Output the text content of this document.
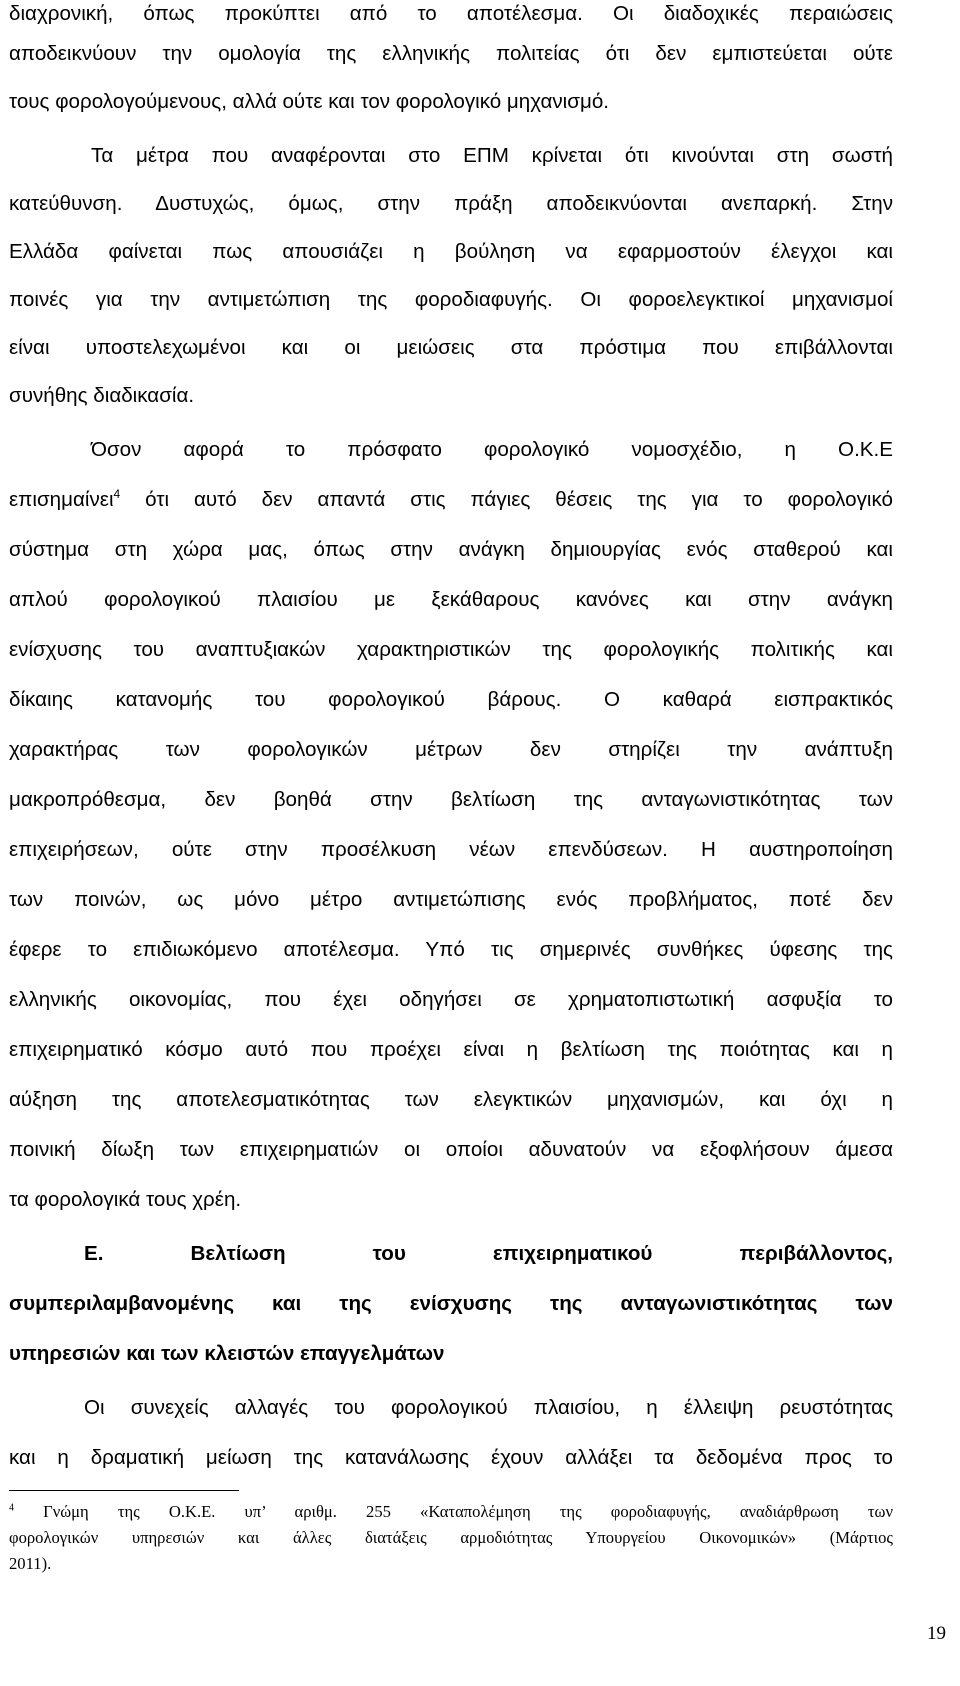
διαχρονική, όπως προκύπτει από το αποτέλεσμα. Οι διαδοχικές περαιώσεις
αποδεικνύουν την ομολογία της ελληνικής πολιτείας ότι δεν εμπιστεύεται ούτε
τους φορολογούμενους, αλλά ούτε και τον φορολογικό μηχανισμό.
Τα μέτρα που αναφέρονται στο ΕΠΜ κρίνεται ότι κινούνται στη σωστή
κατεύθυνση. Δυστυχώς, όμως, στην πράξη αποδεικνύονται ανεπαρκή. Στην
Ελλάδα φαίνεται πως απουσιάζει η βούληση να εφαρμοστούν έλεγχοι και
ποινές για την αντιμετώπιση της φοροδιαφυγής. Οι φοροελεγκτικοί μηχανισμοί
είναι υποστελεχωμένοι και οι μειώσεις στα πρόστιμα που επιβάλλονται
συνήθης διαδικασία.
Όσον αφορά το πρόσφατο φορολογικό νομοσχέδιο, η Ο.Κ.Ε
επισημαίνει$^4$ ότι αυτό δεν απαντά στις πάγιες θέσεις της για το φορολογικό
σύστημα στη χώρα μας, όπως στην ανάγκη δημιουργίας ενός σταθερού και
απλού φορολογικού πλαισίου με ξεκάθαρους κανόνες και στην ανάγκη
ενίσχυσης του αναπτυξιακών χαρακτηριστικών της φορολογικής πολιτικής και
δίκαιης κατανομής του φορολογικού βάρους. Ο καθαρά εισπρακτικός
χαρακτήρας των φορολογικών μέτρων δεν στηρίζει την ανάπτυξη
μακροπρόθεσμα, δεν βοηθά στην βελτίωση της ανταγωνιστικότητας των
επιχειρήσεων, ούτε στην προσέλκυση νέων επενδύσεων. Η αυστηροποίηση
των ποινών, ως μόνο μέτρο αντιμετώπισης ενός προβλήματος, ποτέ δεν
έφερε το επιδιωκόμενο αποτέλεσμα. Υπό τις σημερινές συνθήκες ύφεσης της
ελληνικής οικονομίας, που έχει οδηγήσει σε χρηματοπιστωτική ασφυξία το
επιχειρηματικό κόσμο αυτό που προέχει είναι η βελτίωση της ποιότητας και η
αύξηση της αποτελεσματικότητας των ελεγκτικών μηχανισμών, και όχι η
ποινική δίωξη των επιχειρηματιών οι οποίοι αδυνατούν να εξοφλήσουν άμεσα
τα φορολογικά τους χρέη.
Ε. Βελτίωση του επιχειρηματικού περιβάλλοντος,
συμπεριλαμβανομένης και της ενίσχυσης της ανταγωνιστικότητας των
υπηρεσιών και των κλειστών επαγγελμάτων
Οι συνεχείς αλλαγές του φορολογικού πλαισίου, η έλλειψη ρευστότητας
και η δραματική μείωση της κατανάλωσης έχουν αλλάξει τα δεδομένα προς το
$^4$ Γνώμη της Ο.Κ.Ε. υπ’ αριθμ. 255 «Καταπολέμηση της φοροδιαφυγής, αναδιάρθρωση των
φορολογικών υπηρεσιών και άλλες διατάξεις αρμοδιότητας Υπουργείου Οικονομικών» (Μάρτιος
2011).
19
